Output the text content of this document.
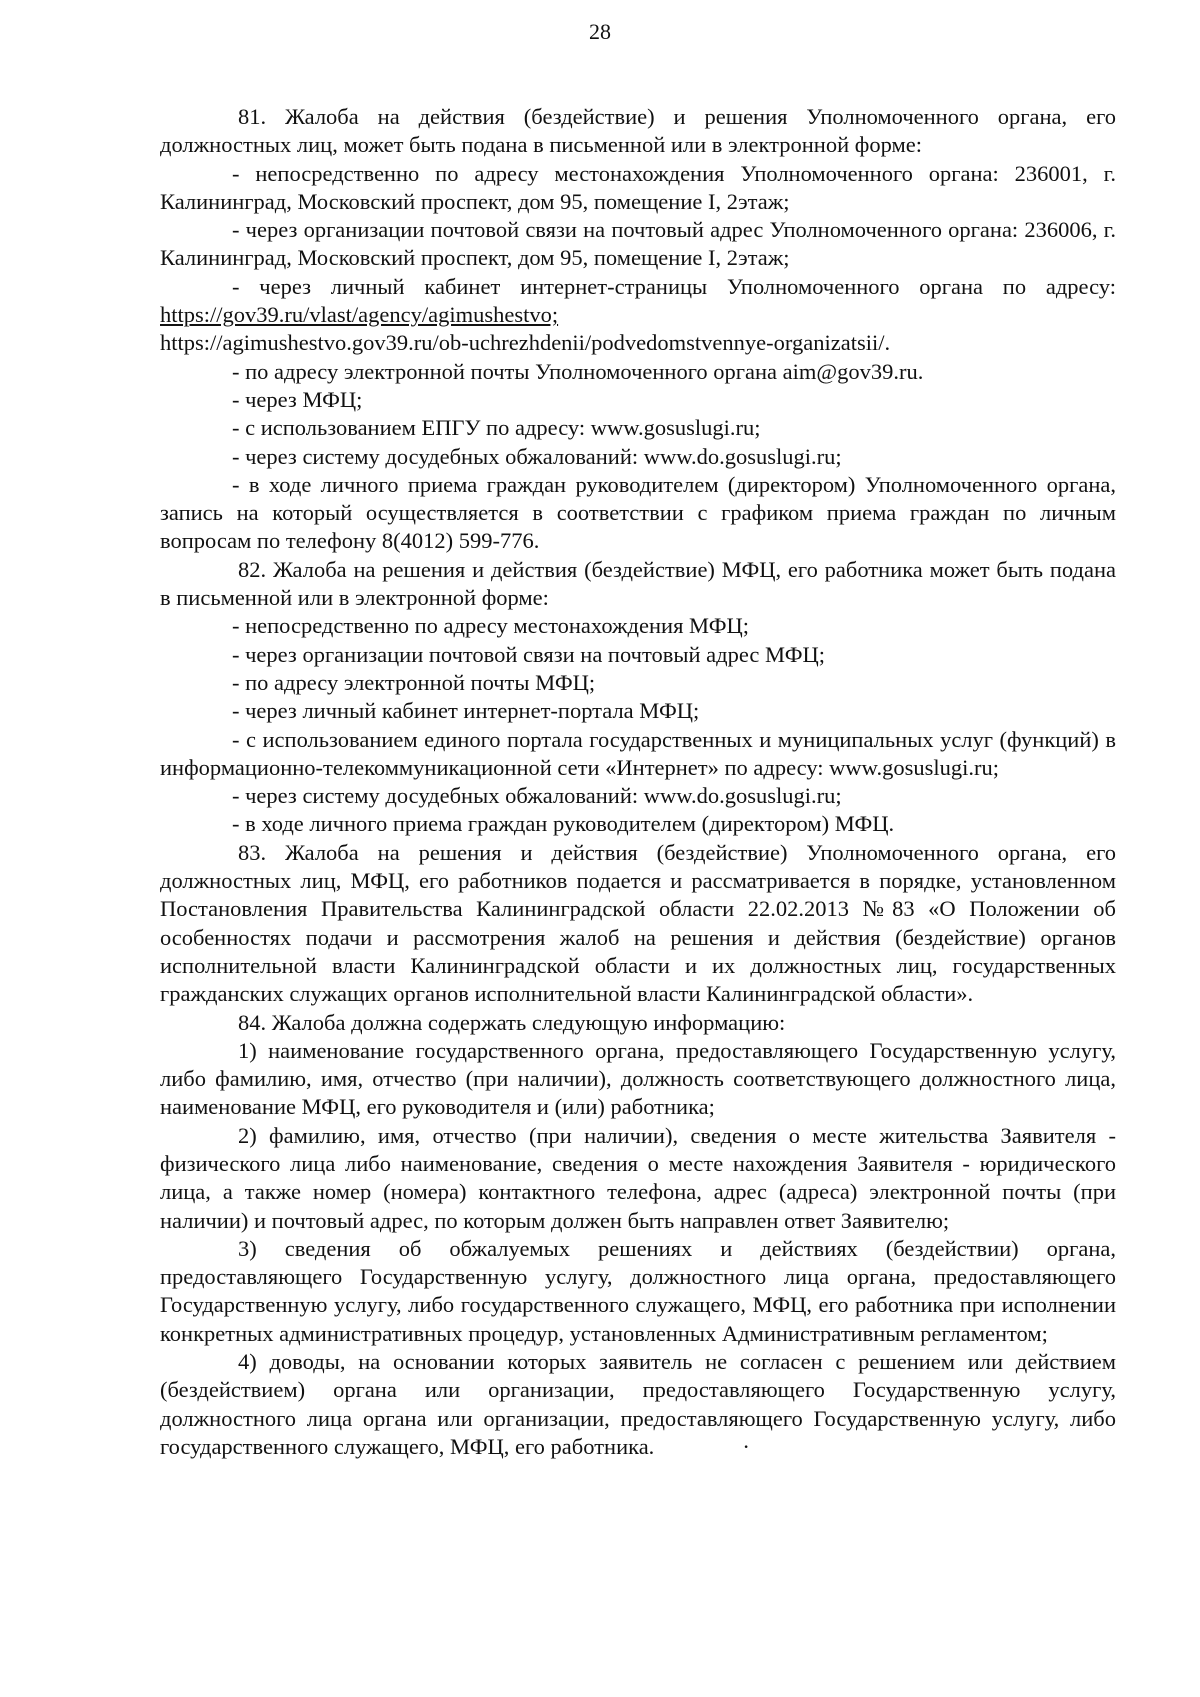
28

81. Жалоба на действия (бездействие) и решения Уполномоченного органа, его должностных лиц, может быть подана в письменной или в электронной форме:

- непосредственно по адресу местонахождения Уполномоченного органа: 236001, г. Калининград, Московский проспект, дом 95, помещение I, 2этаж;

- через организации почтовой связи на почтовый адрес Уполномоченного органа: 236006, г. Калининград, Московский проспект, дом 95, помещение I, 2этаж;

- через личный кабинет интернет-страницы Уполномоченного органа по адресу:

https://gov39.ru/vlast/agency/agimushestvo;

https://agimushestvo.gov39.ru/ob-uchrezhdenii/podvedomstvennye-organizatsii/.

- по адресу электронной почты Уполномоченного органа aim@gov39.ru.

- через МФЦ;

- с использованием ЕПГУ по адресу: www.gosuslugi.ru;

- через систему досудебных обжалований: www.do.gosuslugi.ru;

- в ходе личного приема граждан руководителем (директором) Уполномоченного органа, запись на который осуществляется в соответствии с графиком приема граждан по личным вопросам по телефону 8(4012) 599-776.

82. Жалоба на решения и действия (бездействие) МФЦ, его работника может быть подана в письменной или в электронной форме:

- непосредственно по адресу местонахождения МФЦ;

- через организации почтовой связи на почтовый адрес МФЦ;

- по адресу электронной почты МФЦ;

- через личный кабинет интернет-портала МФЦ;

- с использованием единого портала государственных и муниципальных услуг (функций) в информационно-телекоммуникационной сети «Интернет» по адресу: www.gosuslugi.ru;

- через систему досудебных обжалований: www.do.gosuslugi.ru;

- в ходе личного приема граждан руководителем (директором) МФЦ.

83. Жалоба на решения и действия (бездействие) Уполномоченного органа, его должностных лиц, МФЦ, его работников подается и рассматривается в порядке, установленном Постановления Правительства Калининградской области 22.02.2013 №83 «О Положении об особенностях подачи и рассмотрения жалоб на решения и действия (бездействие) органов исполнительной власти Калининградской области и их должностных лиц, государственных гражданских служащих органов исполнительной власти Калининградской области».

84. Жалоба должна содержать следующую информацию:

1) наименование государственного органа, предоставляющего Государственную услугу, либо фамилию, имя, отчество (при наличии), должность соответствующего должностного лица, наименование МФЦ, его руководителя и (или) работника;

2) фамилию, имя, отчество (при наличии), сведения о месте жительства Заявителя - физического лица либо наименование, сведения о месте нахождения Заявителя - юридического лица, а также номер (номера) контактного телефона, адрес (адреса) электронной почты (при наличии) и почтовый адрес, по которым должен быть направлен ответ Заявителю;

3) сведения об обжалуемых решениях и действиях (бездействии) органа, предоставляющего Государственную услугу, должностного лица органа, предоставляющего Государственную услугу, либо государственного служащего, МФЦ, его работника при исполнении конкретных административных процедур, установленных Административным регламентом;

4) доводы, на основании которых заявитель не согласен с решением или действием (бездействием) органа или организации, предоставляющего Государственную услугу, должностного лица органа или организации, предоставляющего Государственную услугу, либо государственного служащего, МФЦ, его работника.	·
